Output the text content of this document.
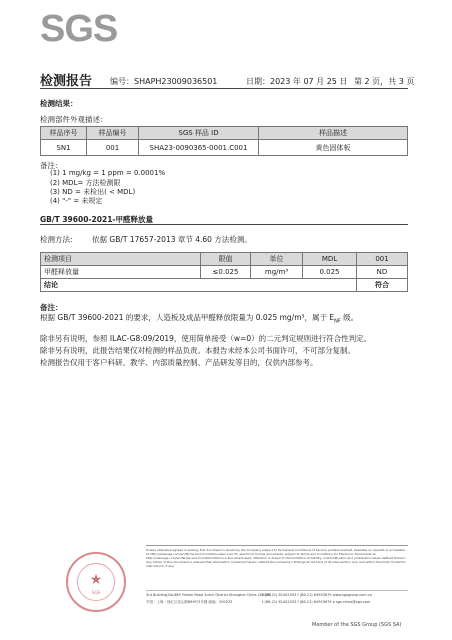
SGS
检测报告 编号：SHAPH23009036501	日期：2023 年 07 月 25 日 第 2 页，共 3 页
检测结果：
检测部件外观描述：
样品序号	样品编号	SGS 样品 ID	样品描述
SN1	001	SHA23-0090365-0001.C001	黄色固体板
备注：
(1) 1 mg/kg = 1 ppm = 0.0001%
(2) MDL= 方法检测限
(3) ND = 未检出( < MDL)
(4) "-" = 未规定
GB/T 39600-2021-甲醛释放量
检测方法:	依据 GB/T 17657-2013 章节 4.60 方法检测。
检测项目	限值	单位	MDL	001
甲醛释放量	≤0.025	mg/m³	0.025	ND
结论				符合
备注：
根据 GB/T 39600-2021 的要求，人造板及成品甲醛释放限量为 0.025 mg/m³，属于 $E_{NF}$ 级。
除非另有说明，参照 ILAC-G8:09/2019，使用简单接受（w=0）的二元判定规则进行符合性判定。
除非另有说明，此报告结果仅对检测的样品负责。本报告未经本公司书面许可，不可部分复制。
检测报告仅用于客户科研、教学、内部质量控制、产品研发等目的，仅供内部参考。
★
SGS
Unless otherwise agreed in writing, this document is issued by the Company subject to its General Conditions of Service printed overleaf, available on request or accessible at http://www.sgs.com/en/Terms-and-Conditions.aspx and, for electronic format documents, subject to Terms and Conditions for Electronic Documents at http://www.sgs.com/en/Terms-and-Conditions/Terms-e-Document.aspx. Attention is drawn to the limitation of liability, indemnification and jurisdiction issues defined therein. Any holder of this document is advised that information contained hereon reflects the Company's findings at the time of its intervention only and within the limits of Client's instructions, if any.
3rd Building,No.889 Yishan Road Xuhui District,Shanghai China 200233
t (86-21) 61402553 f (86-21) 64953679 www.sgsgroup.com.cn
中国・上海・徐汇区宜山路889号3号楼 邮编：200233	t (86-21) 61402553 f (86-21) 64953679 e sgs.china@sgs.com
Member of the SGS Group (SGS SA)
